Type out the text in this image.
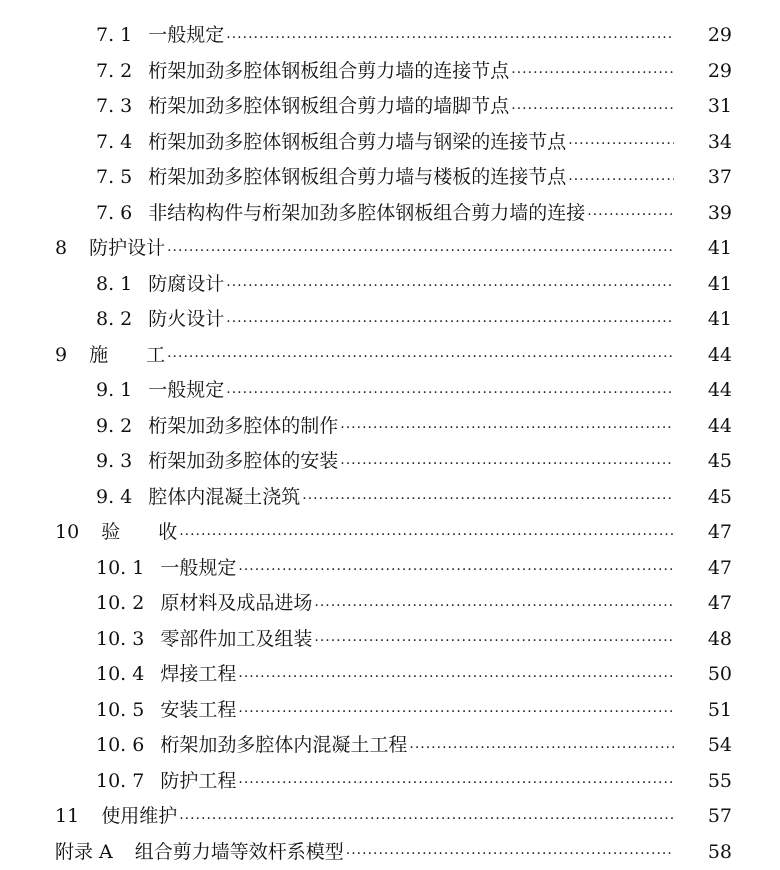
7. 1 一般规定 ·····	29
7. 2 桁架加劲多腔体钢板组合剪力墙的连接节点 ·····	29
7. 3 桁架加劲多腔体钢板组合剪力墙的墙脚节点 ·····	31
7. 4 桁架加劲多腔体钢板组合剪力墙与钢梁的连接节点 ·····	34
7. 5 桁架加劲多腔体钢板组合剪力墙与楼板的连接节点 ·····	37
7. 6 非结构构件与桁架加劲多腔体钢板组合剪力墙的连接 ·····	39
8 防护设计 ·····	41
8. 1 防腐设计 ·····	41
8. 2 防火设计 ·····	41
9 施　　工 ·····	44
9. 1 一般规定 ·····	44
9. 2 桁架加劲多腔体的制作 ·····	44
9. 3 桁架加劲多腔体的安装 ·····	45
9. 4 腔体内混凝土浇筑 ·····	45
10 验　　收 ·····	47
10. 1 一般规定 ·····	47
10. 2 原材料及成品进场 ·····	47
10. 3 零部件加工及组装 ·····	48
10. 4 焊接工程 ·····	50
10. 5 安装工程 ·····	51
10. 6 桁架加劲多腔体内混凝土工程 ·····	54
10. 7 防护工程 ·····	55
11 使用维护 ·····	57
附录 A 组合剪力墙等效杆系模型 ·····	58
